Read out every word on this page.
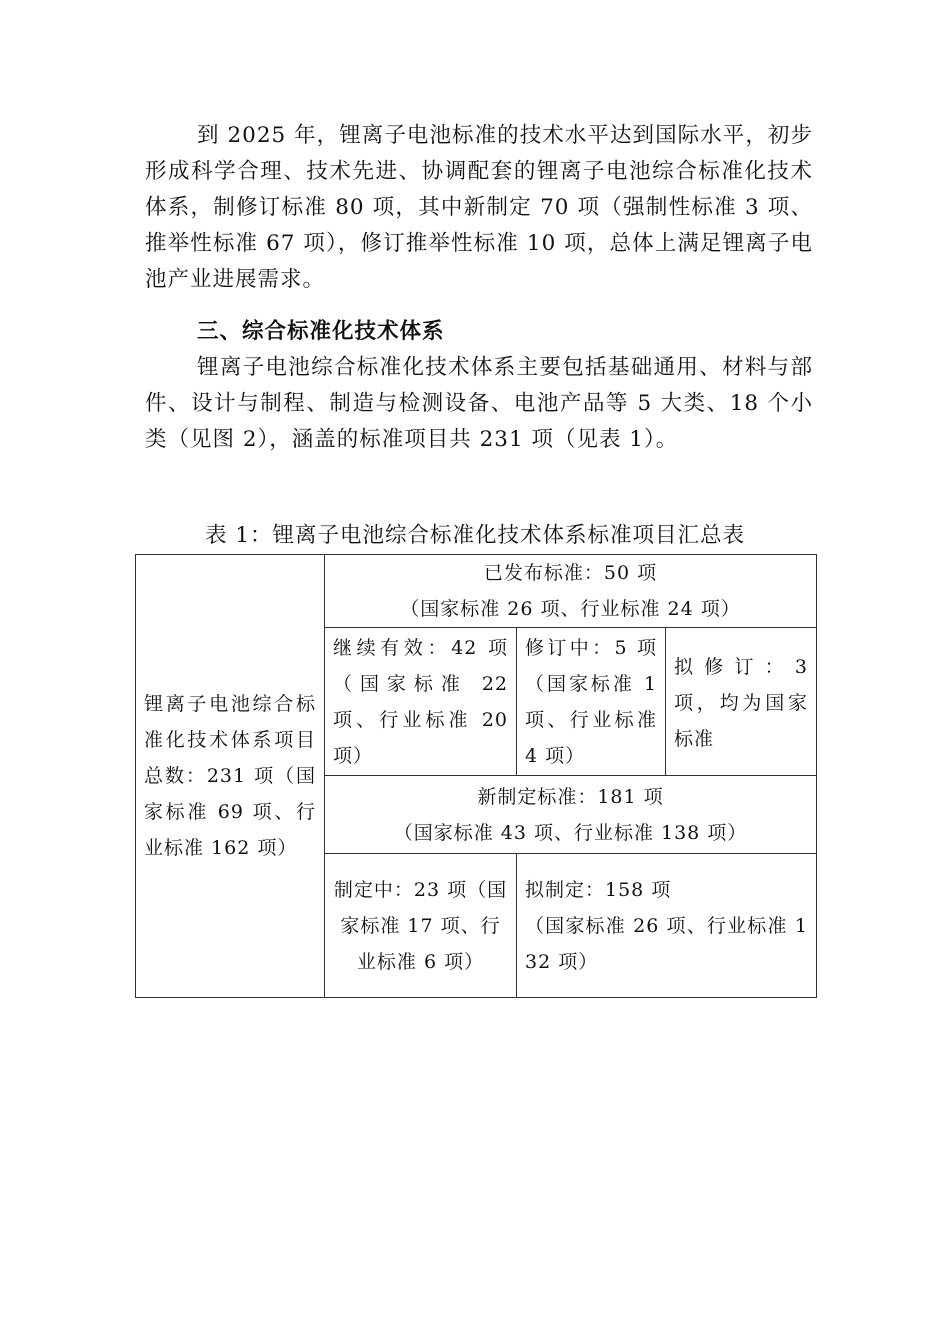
到 2025 年，锂离子电池标准的技术水平达到国际水平，初步形成科学合理、技术先进、协调配套的锂离子电池综合标准化技术体系，制修订标准 80 项，其中新制定 70 项（强制性标准 3 项、推举性标准 67 项），修订推举性标准 10 项，总体上满足锂离子电池产业进展需求。

三、综合标准化技术体系

锂离子电池综合标准化技术体系主要包括基础通用、材料与部件、设计与制程、制造与检测设备、电池产品等 5 大类、18 个小类（见图 2），涵盖的标准项目共 231 项（见表 1）。

表 1：锂离子电池综合标准化技术体系标准项目汇总表

锂离子电池综合标准化技术体系项目总数：231 项（国家标准 69 项、行业标准 162 项）	已发布标准：50 项
（国家标准 26 项、行业标准 24 项）		

	继续有效：42 项（国家标准 22 项、行业标准 20 项）	修订中：5 项（国家标准 1 项、行业标准 4 项）	拟修订：3 项，均为国家标准

	新制定标准：181 项
（国家标准 43 项、行业标准 138 项）		

	制定中：23 项（国家标准 17 项、行业标准 6 项）	拟制定：158 项
（国家标准 26 项、行业标准 132 项）	
